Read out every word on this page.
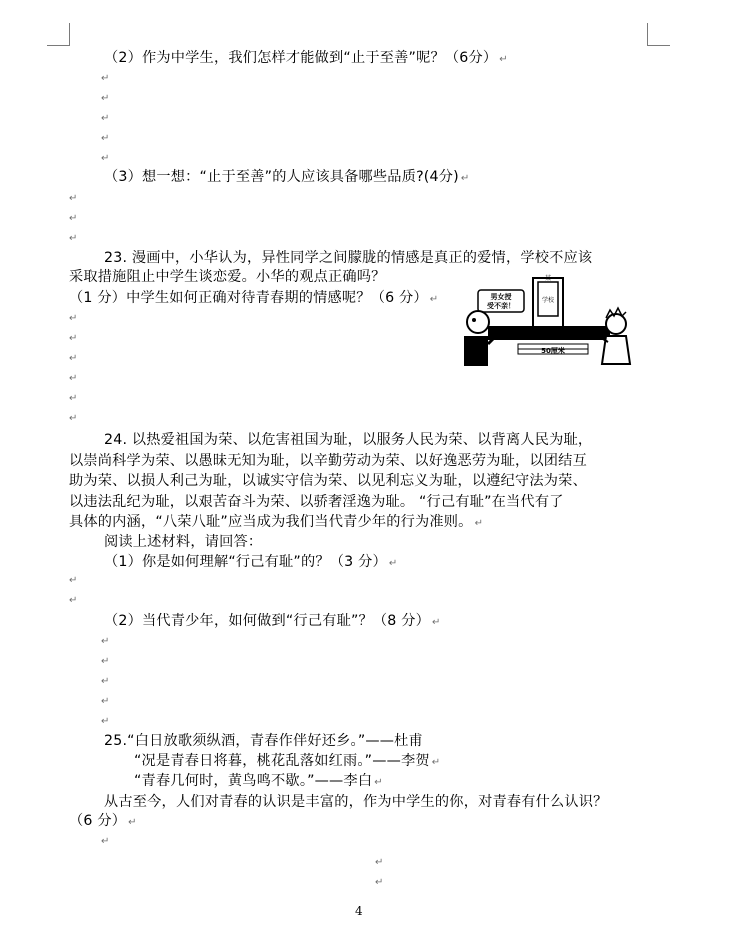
（2）作为中学生，我们怎样才能做到“止于至善”呢？（6分）↵
↵
↵
↵
↵
↵
（3）想一想：“止于至善”的人应该具备哪些品质?(4分)↵
↵
↵
↵
23. 漫画中，小华认为，异性同学之间朦胧的情感是真正的爱情，学校不应该
采取措施阻止中学生谈恋爱。小华的观点正确吗？
（1 分）中学生如何正确对待青春期的情感呢？（6 分）↵
↵
↵
↵
↵
↵
↵
某
学校
男女授
受不亲！
50厘米
24. 以热爱祖国为荣、以危害祖国为耻，以服务人民为荣、以背离人民为耻，
以崇尚科学为荣、以愚昧无知为耻，以辛勤劳动为荣、以好逸恶劳为耻，以团结互
助为荣、以损人利己为耻，以诚实守信为荣、以见利忘义为耻，以遵纪守法为荣、
以违法乱纪为耻，以艰苦奋斗为荣、以骄奢淫逸为耻。 “行己有耻”在当代有了
具体的内涵，“八荣八耻”应当成为我们当代青少年的行为准则。↵
阅读上述材料，请回答：
（1）你是如何理解“行己有耻”的？（3 分）↵
↵
↵
（2）当代青少年，如何做到“行己有耻”？（8 分）↵
↵
↵
↵
↵
↵
25.“白日放歌须纵酒，青春作伴好还乡。”——杜甫
“况是青春日将暮，桃花乱落如红雨。”——李贺↵
“青春几何时，黄鸟鸣不歇。”——李白↵
从古至今，人们对青春的认识是丰富的，作为中学生的你，对青春有什么认识？
（6 分）↵
↵
↵
↵
4
